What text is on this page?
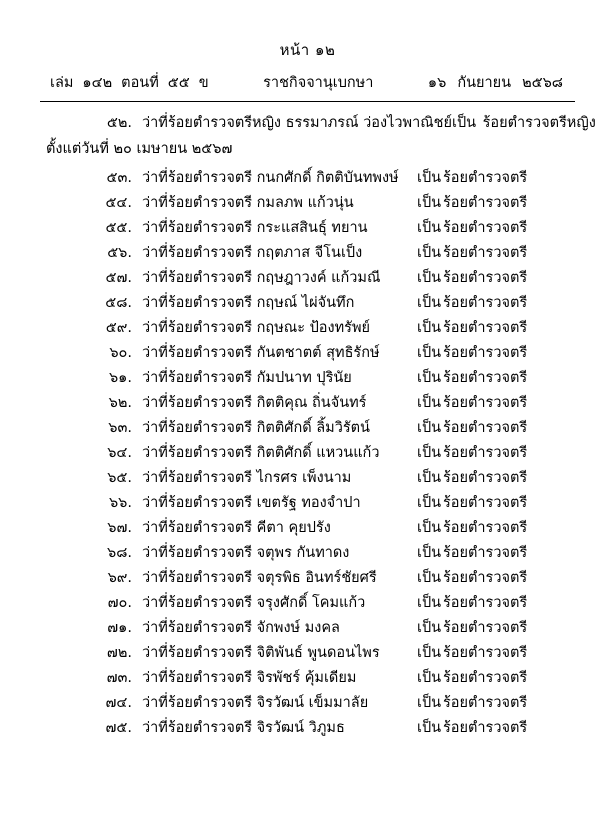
หน้า ๑๒
เล่ม ๑๔๒ ตอนที่ ๕๕ ข	ราชกิจจานุเบกษา	๑๖ กันยายน ๒๕๖๘
๕๒. ว่าที่ร้อยตำรวจตรีหญิง ธรรมาภรณ์ ว่องไวพาณิชย์ เป็น ร้อยตำรวจตรีหญิง
ตั้งแต่วันที่ ๒๐ เมษายน ๒๕๖๗
๕๓. ว่าที่ร้อยตำรวจตรี กนกศักดิ์ กิตติบันทพงษ์	เป็น ร้อยตำรวจตรี
๕๔. ว่าที่ร้อยตำรวจตรี กมลภพ แก้วนุ่น	เป็น ร้อยตำรวจตรี
๕๕. ว่าที่ร้อยตำรวจตรี กระแสสินธุ์ ทยาน	เป็น ร้อยตำรวจตรี
๕๖. ว่าที่ร้อยตำรวจตรี กฤตภาส จีโนเป็ง	เป็น ร้อยตำรวจตรี
๕๗. ว่าที่ร้อยตำรวจตรี กฤษฎาวงค์ แก้วมณี	เป็น ร้อยตำรวจตรี
๕๘. ว่าที่ร้อยตำรวจตรี กฤษณ์ ไผ่จันทึก	เป็น ร้อยตำรวจตรี
๕๙. ว่าที่ร้อยตำรวจตรี กฤษณะ ป้องทรัพย์	เป็น ร้อยตำรวจตรี
๖๐. ว่าที่ร้อยตำรวจตรี กันตชาตต์ สุทธิรักษ์	เป็น ร้อยตำรวจตรี
๖๑. ว่าที่ร้อยตำรวจตรี กัมปนาท ปุรินัย	เป็น ร้อยตำรวจตรี
๖๒. ว่าที่ร้อยตำรวจตรี กิตติคุณ ถิ่นจันทร์	เป็น ร้อยตำรวจตรี
๖๓. ว่าที่ร้อยตำรวจตรี กิตติศักดิ์ ลิ้มวิรัตน์	เป็น ร้อยตำรวจตรี
๖๔. ว่าที่ร้อยตำรวจตรี กิตติศักดิ์ แหวนแก้ว	เป็น ร้อยตำรวจตรี
๖๕. ว่าที่ร้อยตำรวจตรี ไกรศร เพ็งนาม	เป็น ร้อยตำรวจตรี
๖๖. ว่าที่ร้อยตำรวจตรี เขตรัฐ ทองจำปา	เป็น ร้อยตำรวจตรี
๖๗. ว่าที่ร้อยตำรวจตรี คีตา คุยปรัง	เป็น ร้อยตำรวจตรี
๖๘. ว่าที่ร้อยตำรวจตรี จตุพร กันทาดง	เป็น ร้อยตำรวจตรี
๖๙. ว่าที่ร้อยตำรวจตรี จตุรพิธ อินทร์ชัยศรี	เป็น ร้อยตำรวจตรี
๗๐. ว่าที่ร้อยตำรวจตรี จรุงศักดิ์ โคมแก้ว	เป็น ร้อยตำรวจตรี
๗๑. ว่าที่ร้อยตำรวจตรี จักพงษ์ มงคล	เป็น ร้อยตำรวจตรี
๗๒. ว่าที่ร้อยตำรวจตรี จิติพันธ์ พูนดอนไพร	เป็น ร้อยตำรวจตรี
๗๓. ว่าที่ร้อยตำรวจตรี จิรพัชร์ คุ้มเดียม	เป็น ร้อยตำรวจตรี
๗๔. ว่าที่ร้อยตำรวจตรี จิรวัฒน์ เข็มมาลัย	เป็น ร้อยตำรวจตรี
๗๕. ว่าที่ร้อยตำรวจตรี จิรวัฒน์ วิภูมธ	เป็น ร้อยตำรวจตรี
